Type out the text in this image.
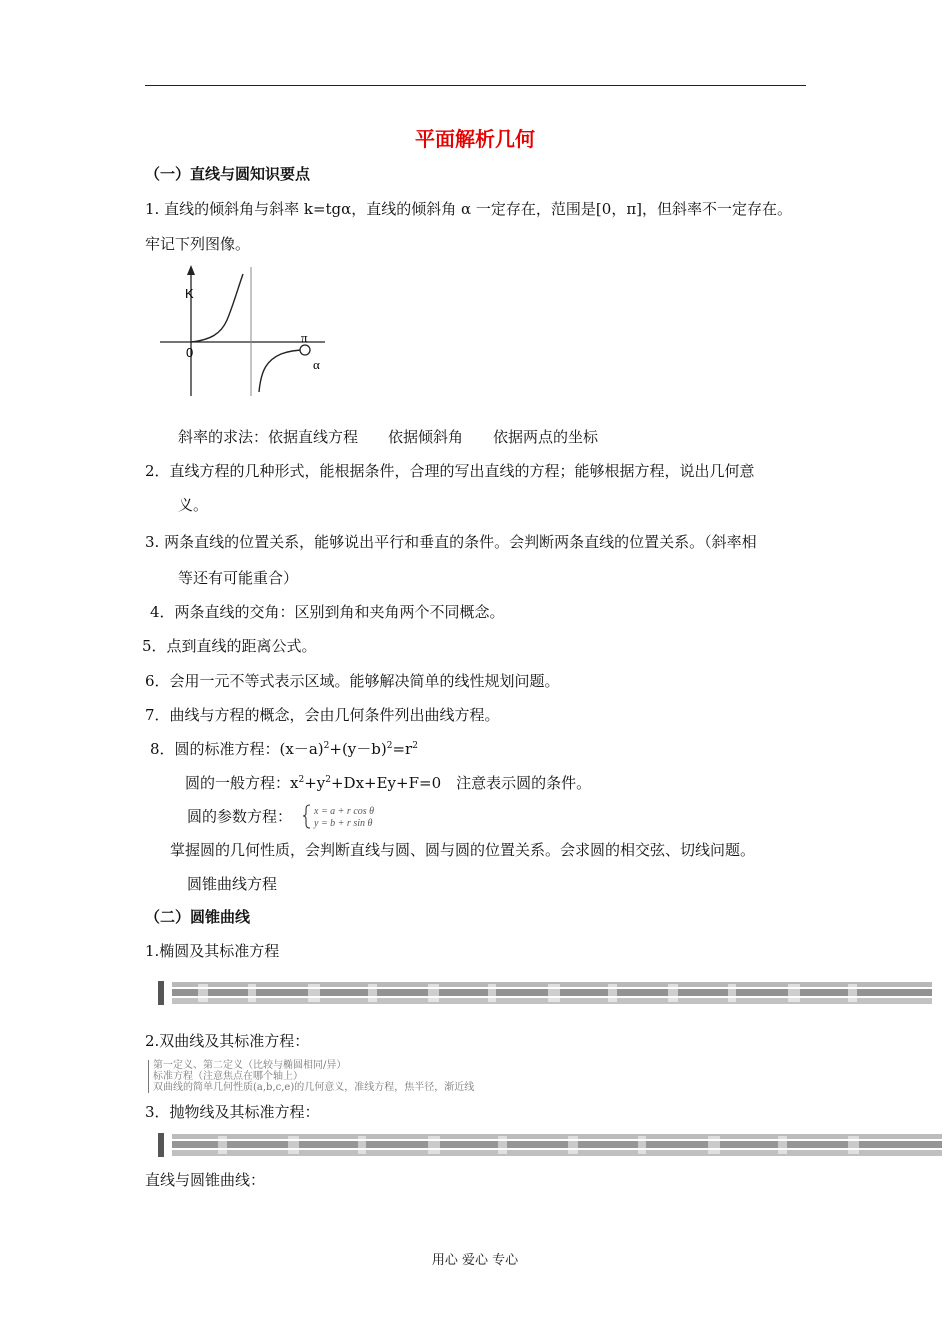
平面解析几何
（一）直线与圆知识要点
1. 直线的倾斜角与斜率 k=tgα，直线的倾斜角 α 一定存在，范围是[0，π]，但斜率不一定存在。
牢记下列图像。
K
0
π
α
斜率的求法：依据直线方程　　依据倾斜角　　依据两点的坐标
2．直线方程的几种形式，能根据条件，合理的写出直线的方程；能够根据方程，说出几何意
义。
3. 两条直线的位置关系，能够说出平行和垂直的条件。会判断两条直线的位置关系。（斜率相
等还有可能重合）
4．两条直线的交角：区别到角和夹角两个不同概念。
5．点到直线的距离公式。
6．会用一元不等式表示区域。能够解决简单的线性规划问题。
7．曲线与方程的概念，会由几何条件列出曲线方程。
8．圆的标准方程：$(x-a)^2+(y-b)^2=r^2$
圆的一般方程：$x^2+y^2+Dx+Ey+F=0$　注意表示圆的条件。
圆的参数方程： x = a + r cos θ
y = b + r sin θ
掌握圆的几何性质，会判断直线与圆、圆与圆的位置关系。会求圆的相交弦、切线问题。
圆锥曲线方程
（二）圆锥曲线
1.椭圆及其标准方程
2.双曲线及其标准方程：
第一定义、第二定义（比较与椭圆相同/异）
标准方程（注意焦点在哪个轴上）
双曲线的简单几何性质(a,b,c,e)的几何意义，准线方程，焦半径，渐近线
3．抛物线及其标准方程：
直线与圆锥曲线：
用心 爱心 专心
